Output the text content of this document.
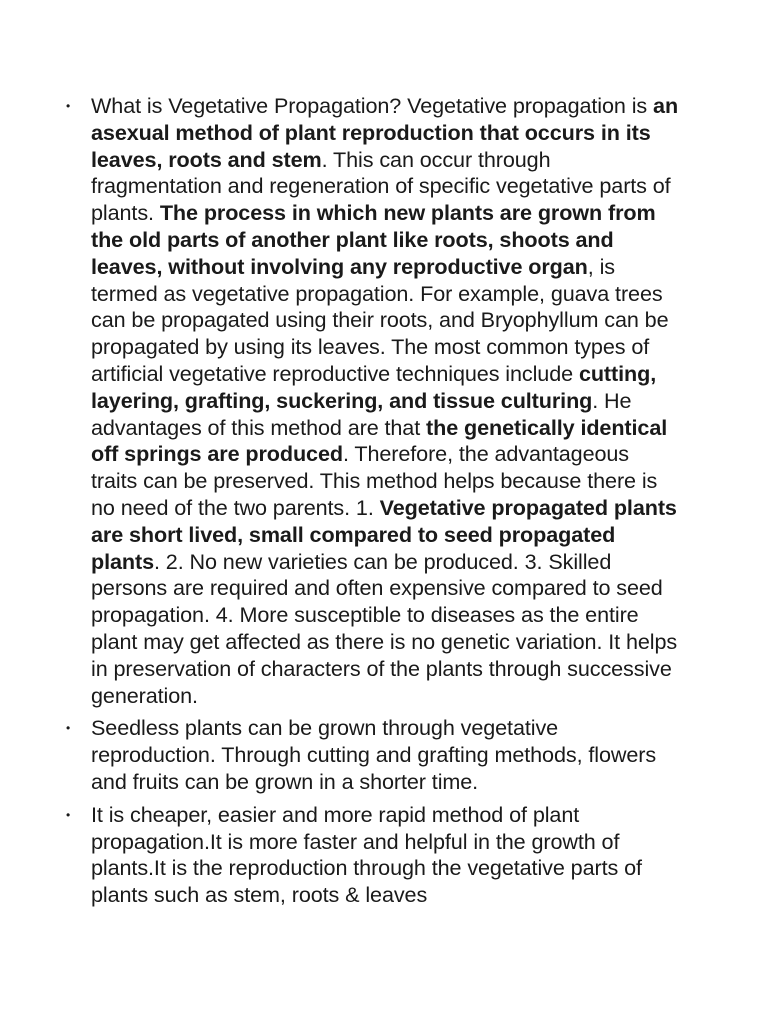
• What is Vegetative Propagation? Vegetative propagation is an asexual method of plant reproduction that occurs in its leaves, roots and stem. This can occur through fragmentation and regeneration of specific vegetative parts of plants. The process in which new plants are grown from the old parts of another plant like roots, shoots and leaves, without involving any reproductive organ, is termed as vegetative propagation. For example, guava trees can be propagated using their roots, and Bryophyllum can be propagated by using its leaves. The most common types of artificial vegetative reproductive techniques include cutting, layering, grafting, suckering, and tissue culturing. He advantages of this method are that the genetically identical off springs are produced. Therefore, the advantageous traits can be preserved. This method helps because there is no need of the two parents. 1. Vegetative propagated plants are short lived, small compared to seed propagated plants. 2. No new varieties can be produced. 3. Skilled persons are required and often expensive compared to seed propagation. 4. More susceptible to diseases as the entire plant may get affected as there is no genetic variation. It helps in preservation of characters of the plants through successive generation.
• Seedless plants can be grown through vegetative reproduction. Through cutting and grafting methods, flowers and fruits can be grown in a shorter time.
• It is cheaper, easier and more rapid method of plant propagation.It is more faster and helpful in the growth of plants.It is the reproduction through the vegetative parts of plants such as stem, roots & leaves
